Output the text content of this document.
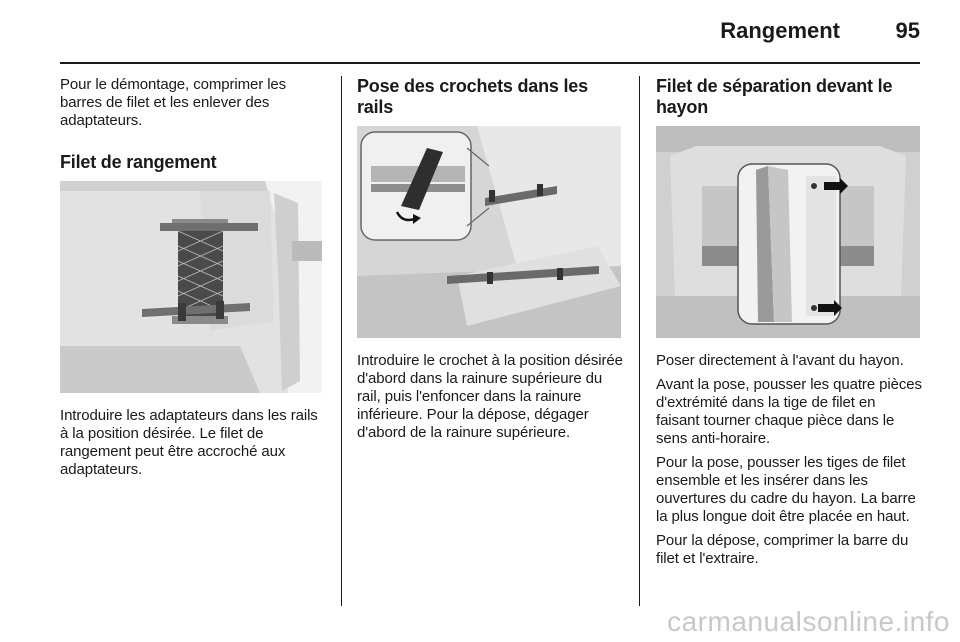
Rangement	95

Pour le démontage, comprimer les barres de filet et les enlever des adaptateurs.

Filet de rangement

Introduire les adaptateurs dans les rails à la position désirée. Le filet de rangement peut être accroché aux adaptateurs.

Pose des crochets dans les rails

Introduire le crochet à la position désirée d'abord dans la rainure supérieure du rail, puis l'enfoncer dans la rainure inférieure. Pour la dépose, dégager d'abord de la rainure supérieure.

Filet de séparation devant le hayon

Poser directement à l'avant du hayon.

Avant la pose, pousser les quatre pièces d'extrémité dans la tige de filet en faisant tourner chaque pièce dans le sens anti-horaire.

Pour la pose, pousser les tiges de filet ensemble et les insérer dans les ouvertures du cadre du hayon. La barre la plus longue doit être placée en haut.

Pour la dépose, comprimer la barre du filet et l'extraire.

carmanualsonline.info
